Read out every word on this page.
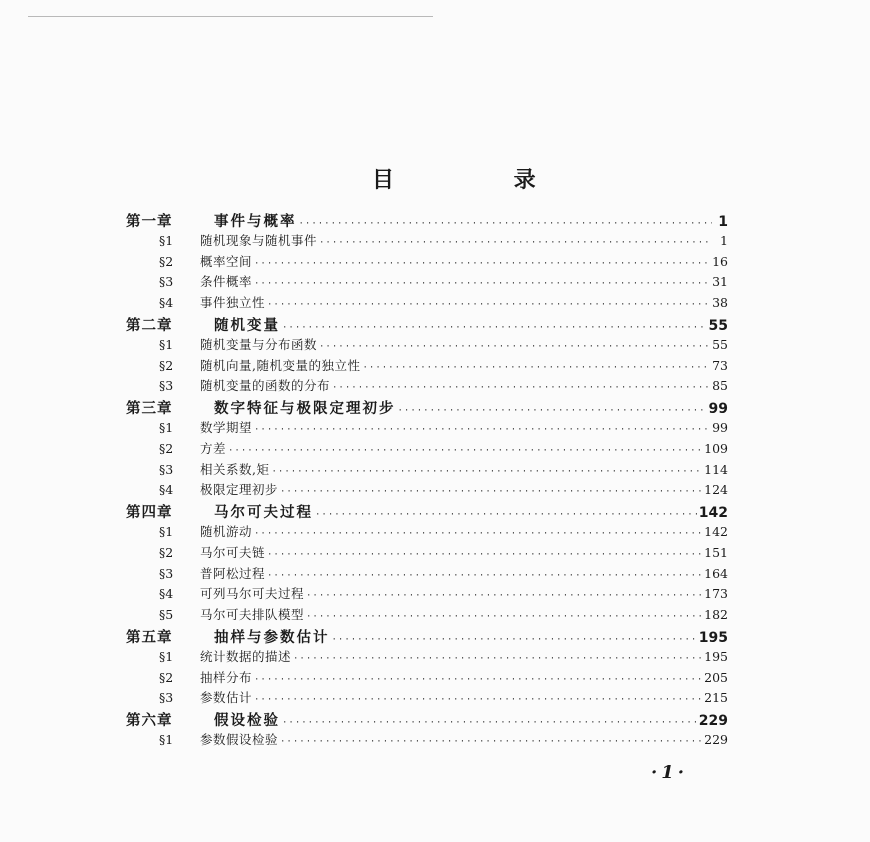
目 录
第一章	事件与概率 ·····	1
§1	随机现象与随机事件 ·····	1
§2	概率空间 ·····	16
§3	条件概率 ·····	31
§4	事件独立性 ·····	38
第二章	随机变量 ·····	55
§1	随机变量与分布函数 ·····	55
§2	随机向量,随机变量的独立性 ·····	73
§3	随机变量的函数的分布 ·····	85
第三章	数字特征与极限定理初步 ·····	99
§1	数学期望 ·····	99
§2	方差 ·····	109
§3	相关系数,矩 ·····	114
§4	极限定理初步 ·····	124
第四章	马尔可夫过程 ·····	142
§1	随机游动 ·····	142
§2	马尔可夫链 ·····	151
§3	普阿松过程 ·····	164
§4	可列马尔可夫过程 ·····	173
§5	马尔可夫排队模型 ·····	182
第五章	抽样与参数估计 ·····	195
§1	统计数据的描述 ·····	195
§2	抽样分布 ·····	205
§3	参数估计 ·····	215
第六章	假设检验 ·····	229
§1	参数假设检验 ·····	229
·1·
